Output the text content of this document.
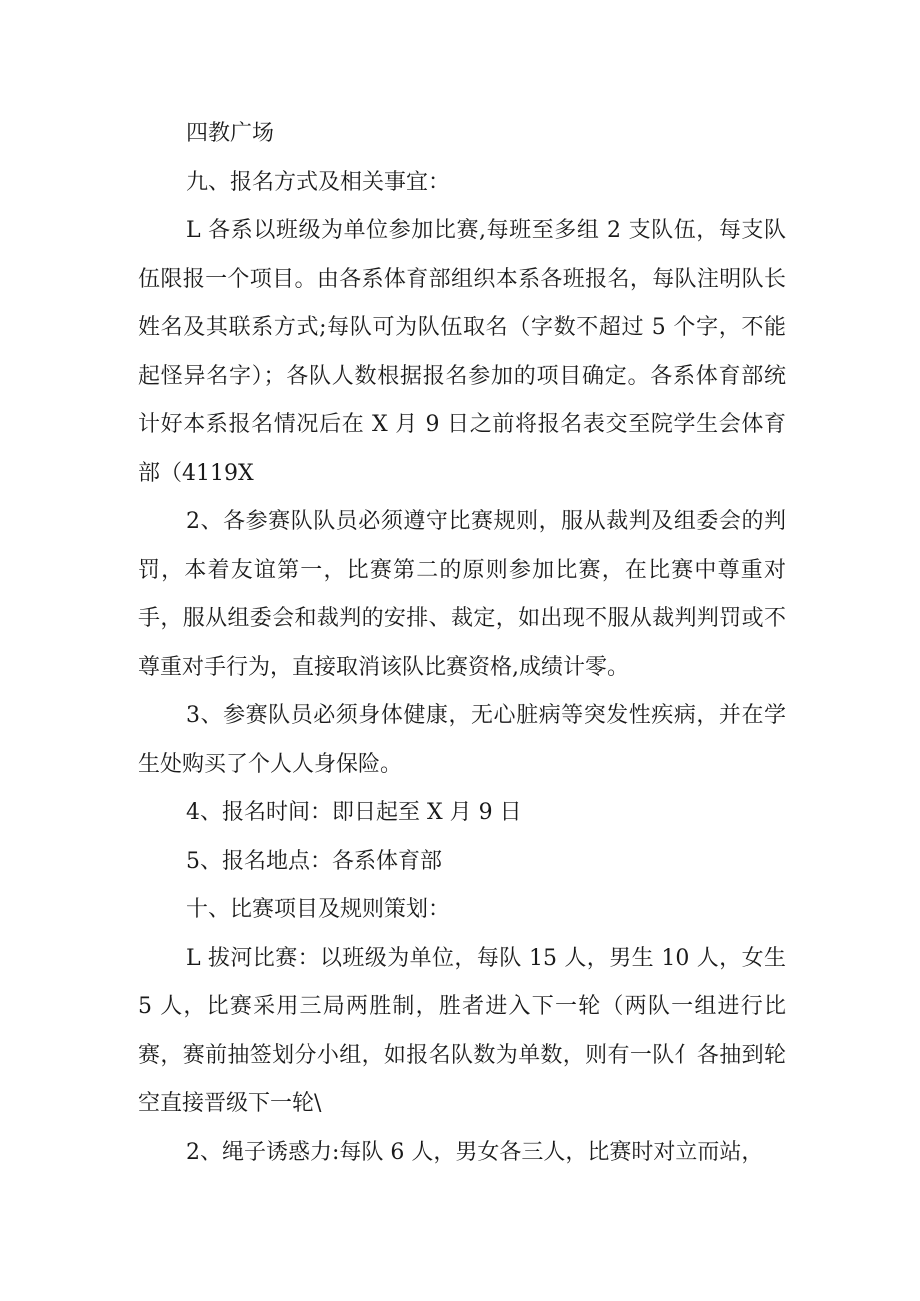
四教广场

九、报名方式及相关事宜：

L 各系以班级为单位参加比赛,每班至多组 2 支队伍，每支队伍限报一个项目。由各系体育部组织本系各班报名，每队注明队长姓名及其联系方式;每队可为队伍取名（字数不超过 5 个字，不能起怪异名字）；各队人数根据报名参加的项目确定。各系体育部统计好本系报名情况后在 X 月 9 日之前将报名表交至院学生会体育部（4119X

2、各参赛队队员必须遵守比赛规则，服从裁判及组委会的判罚，本着友谊第一，比赛第二的原则参加比赛，在比赛中尊重对手，服从组委会和裁判的安排、裁定，如出现不服从裁判判罚或不尊重对手行为，直接取消该队比赛资格,成绩计零。

3、参赛队员必须身体健康，无心脏病等突发性疾病，并在学生处购买了个人人身保险。

4、报名时间：即日起至 X 月 9 日

5、报名地点：各系体育部

十、比赛项目及规则策划：

L 拔河比赛：以班级为单位，每队 15 人，男生 10 人，女生 5 人，比赛采用三局两胜制，胜者进入下一轮（两队一组进行比赛，赛前抽签划分小组，如报名队数为单数，则有一队亻各抽到轮空直接晋级下一轮\

2、绳子诱惑力:每队 6 人，男女各三人，比赛时对立而站，
